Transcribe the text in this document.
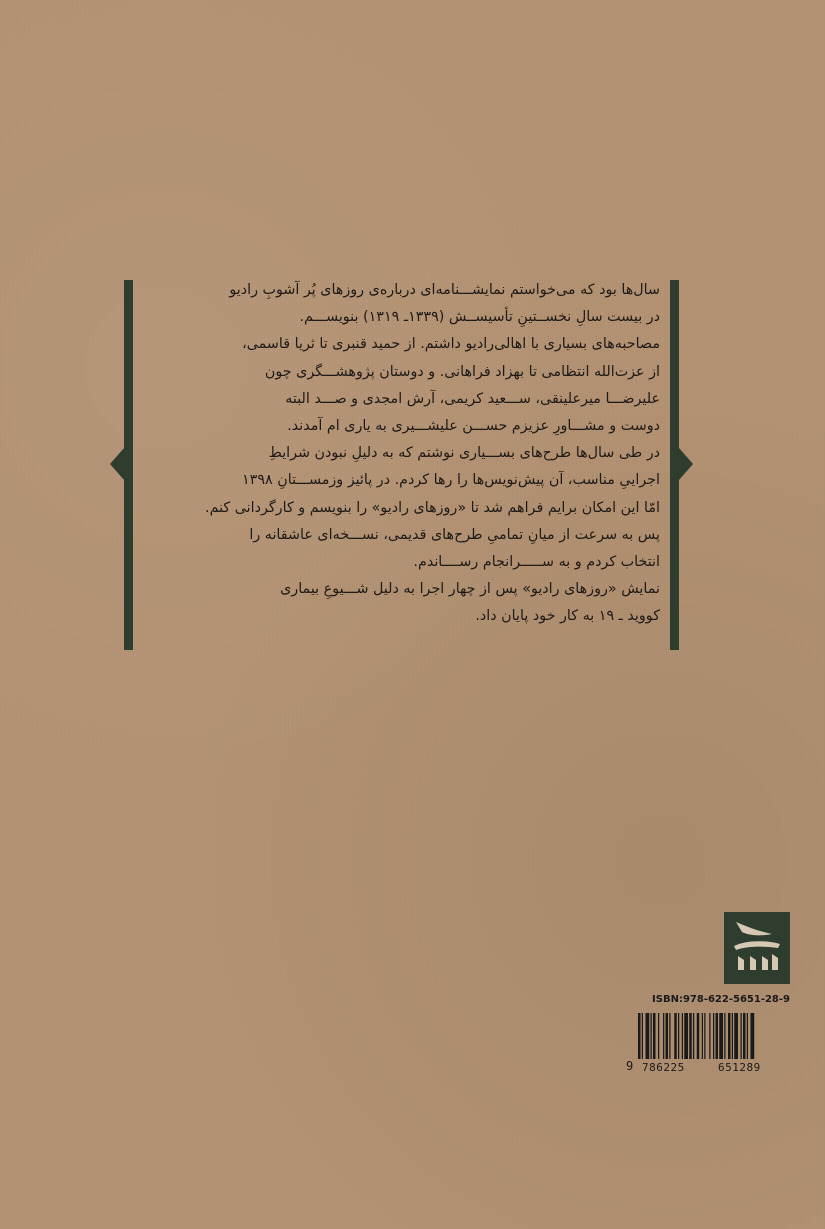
سال‌ها بود که می‌خواستم نمایشـــنامه‌ای درباره‌ی روزهای پُر آشوبِ رادیو

در بیست سالِ نخســتینِ تأسیســش (۱۳۳۹ـ ۱۳۱۹) بنویســـم.

مصاحبه‌های بسیاری با اهالی‌رادیو داشتم. از حمید قنبری تا ثریا قاسمی،

از عزت‌الله انتظامی تا بهزاد فراهانی. و دوستان پژوهشـــگری چون

علیرضـــا میرعلینقی، ســـعید کریمی، آرش امجدی و صـــد البته

دوست و مشـــاورِ عزیزم حســـن علیشـــیری به یاری ام آمدند.

در طی سال‌ها طرح‌های بســـیاری نوشتم که به دلیلِ نبودن شرایطِ

اجراییِ مناسب، آن پیش‌نویس‌ها را رها کردم. در پائیز وزمســـتانِ ۱۳۹۸

امّا این امکان برایم فراهم شد تا «روزهای رادیو» را بنویسم و کارگردانی کنم.

پس به سرعت از میانِ تمامیِ طرح‌های قدیمی، نســـخه‌ای عاشقانه را

انتخاب کردم و به ســـــرانجام رســــاندم.

نمایش «روزهای رادیو» پس از چهار اجرا به دلیل شـــیوعِ بیماری

کووید ـ ۱۹ به کار خود پایان داد.

ISBN:978-622-5651-28-9
9 786225	651289
